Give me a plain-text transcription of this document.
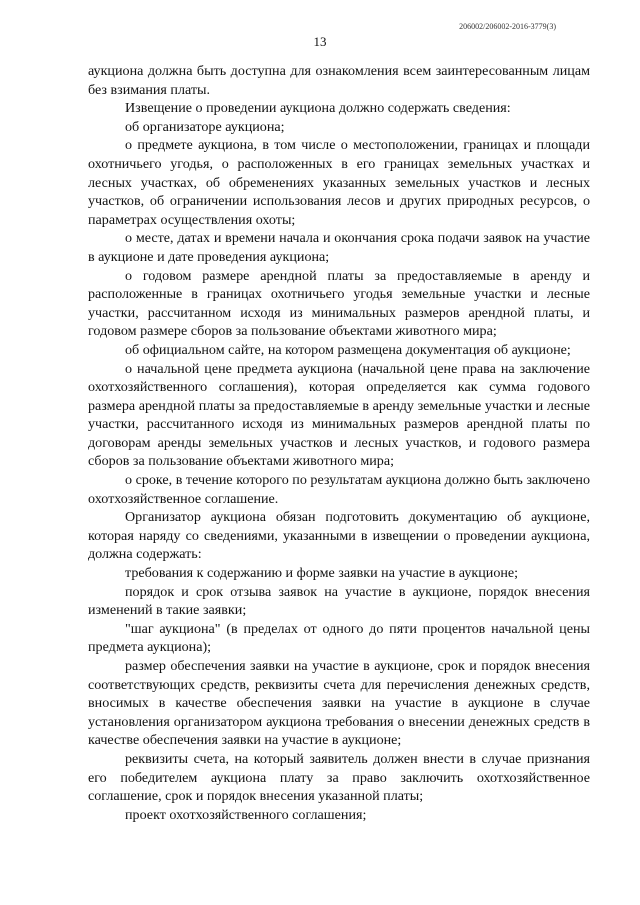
206002/206002-2016-3779(3)

13

аукциона должна быть доступна для ознакомления всем заинтересованным лицам без взимания платы.

Извещение о проведении аукциона должно содержать сведения:

об организаторе аукциона;

о предмете аукциона, в том числе о местоположении, границах и площади охотничьего угодья, о расположенных в его границах земельных участках и лесных участках, об обременениях указанных земельных участков и лесных участков, об ограничении использования лесов и других природных ресурсов, о параметрах осуществления охоты;

о месте, датах и времени начала и окончания срока подачи заявок на участие в аукционе и дате проведения аукциона;

о годовом размере арендной платы за предоставляемые в аренду и расположенные в границах охотничьего угодья земельные участки и лесные участки, рассчитанном исходя из минимальных размеров арендной платы, и годовом размере сборов за пользование объектами животного мира;

об официальном сайте, на котором размещена документация об аукционе;

о начальной цене предмета аукциона (начальной цене права на заключение охотхозяйственного соглашения), которая определяется как сумма годового размера арендной платы за предоставляемые в аренду земельные участки и лесные участки, рассчитанного исходя из минимальных размеров арендной платы по договорам аренды земельных участков и лесных участков, и годового размера сборов за пользование объектами животного мира;

о сроке, в течение которого по результатам аукциона должно быть заключено охотхозяйственное соглашение.

Организатор аукциона обязан подготовить документацию об аукционе, которая наряду со сведениями, указанными в извещении о проведении аукциона, должна содержать:

требования к содержанию и форме заявки на участие в аукционе;

порядок и срок отзыва заявок на участие в аукционе, порядок внесения изменений в такие заявки;

"шаг аукциона" (в пределах от одного до пяти процентов начальной цены предмета аукциона);

размер обеспечения заявки на участие в аукционе, срок и порядок внесения соответствующих средств, реквизиты счета для перечисления денежных средств, вносимых в качестве обеспечения заявки на участие в аукционе в случае установления организатором аукциона требования о внесении денежных средств в качестве обеспечения заявки на участие в аукционе;

реквизиты счета, на который заявитель должен внести в случае признания его победителем аукциона плату за право заключить охотхозяйственное соглашение, срок и порядок внесения указанной платы;

проект охотхозяйственного соглашения;
